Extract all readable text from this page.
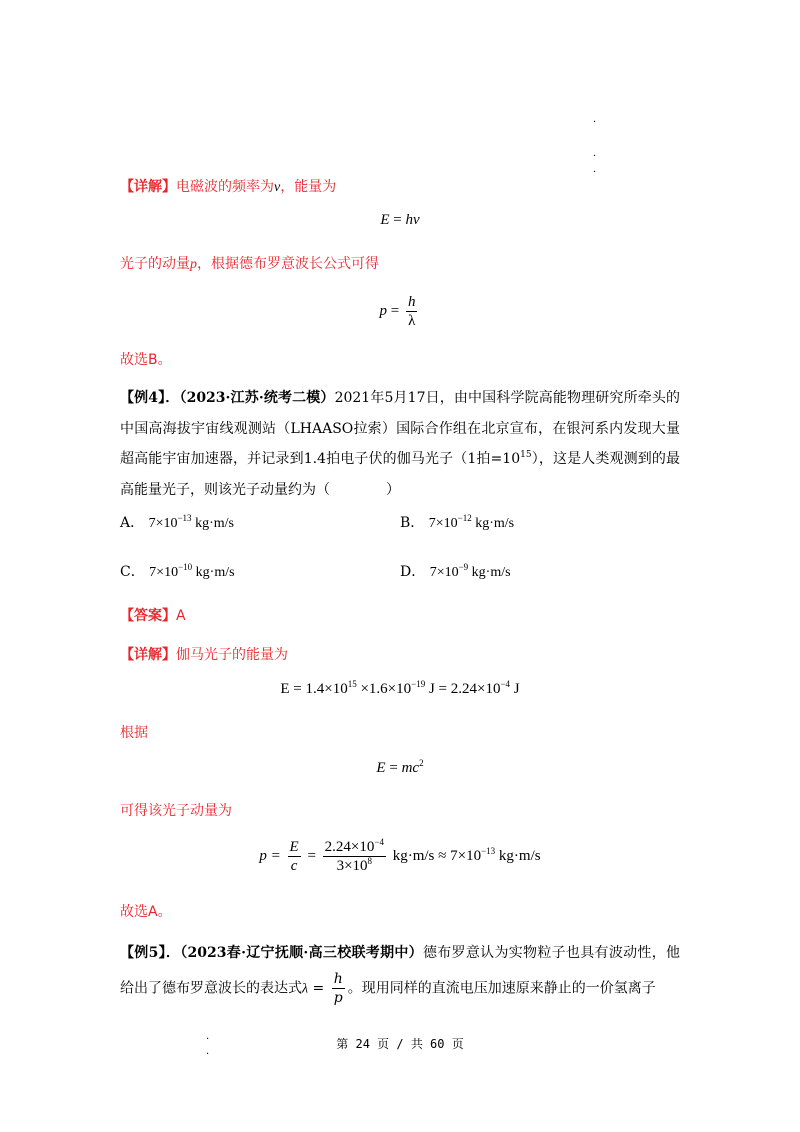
·
·
·
【详解】电磁波的频率为ν，能量为
E = hν
光子的动量p，根据德布罗意波长公式可得
$p = \frac{h}{\lambda}$
故选B。
【例4】．（2023·江苏·统考二模）2021年5月17日，由中国科学院高能物理研究所牵头的中国高海拔宇宙线观测站（LHAASO拉索）国际合作组在北京宣布，在银河系内发现大量超高能宇宙加速器，并记录到1.4拍电子伏的伽马光子（1拍$=10^{15}$），这是人类观测到的最高能量光子，则该光子动量约为（　　　　）
A． $7\times 10^{-13}$ kg·m/s	B． $7\times 10^{-12}$ kg·m/s
C． $7\times 10^{-10}$ kg·m/s	D． $7\times 10^{-9}$ kg·m/s
【答案】A
【详解】伽马光子的能量为
$E = 1.4\times 10^{15} \times 1.6\times 10^{-19}$ $J = 2.24\times 10^{-4}$ J
根据
$E = mc^2$
可得该光子动量为
$p = \frac{E}{c} = \frac{2.24\times 10^{-4}}{3\times 10^8} kg\cdot m/s \approx 7\times 10^{-13}$ kg·m/s
故选A。
【例5】．（2023春·辽宁抚顺·高三校联考期中）德布罗意认为实物粒子也具有波动性，他给出了德布罗意波长的表达式$\lambda = \frac{h}{p}$ 。现用同样的直流电压加速原来静止的一价氢离子
·
·
第 24 页 / 共 60 页
